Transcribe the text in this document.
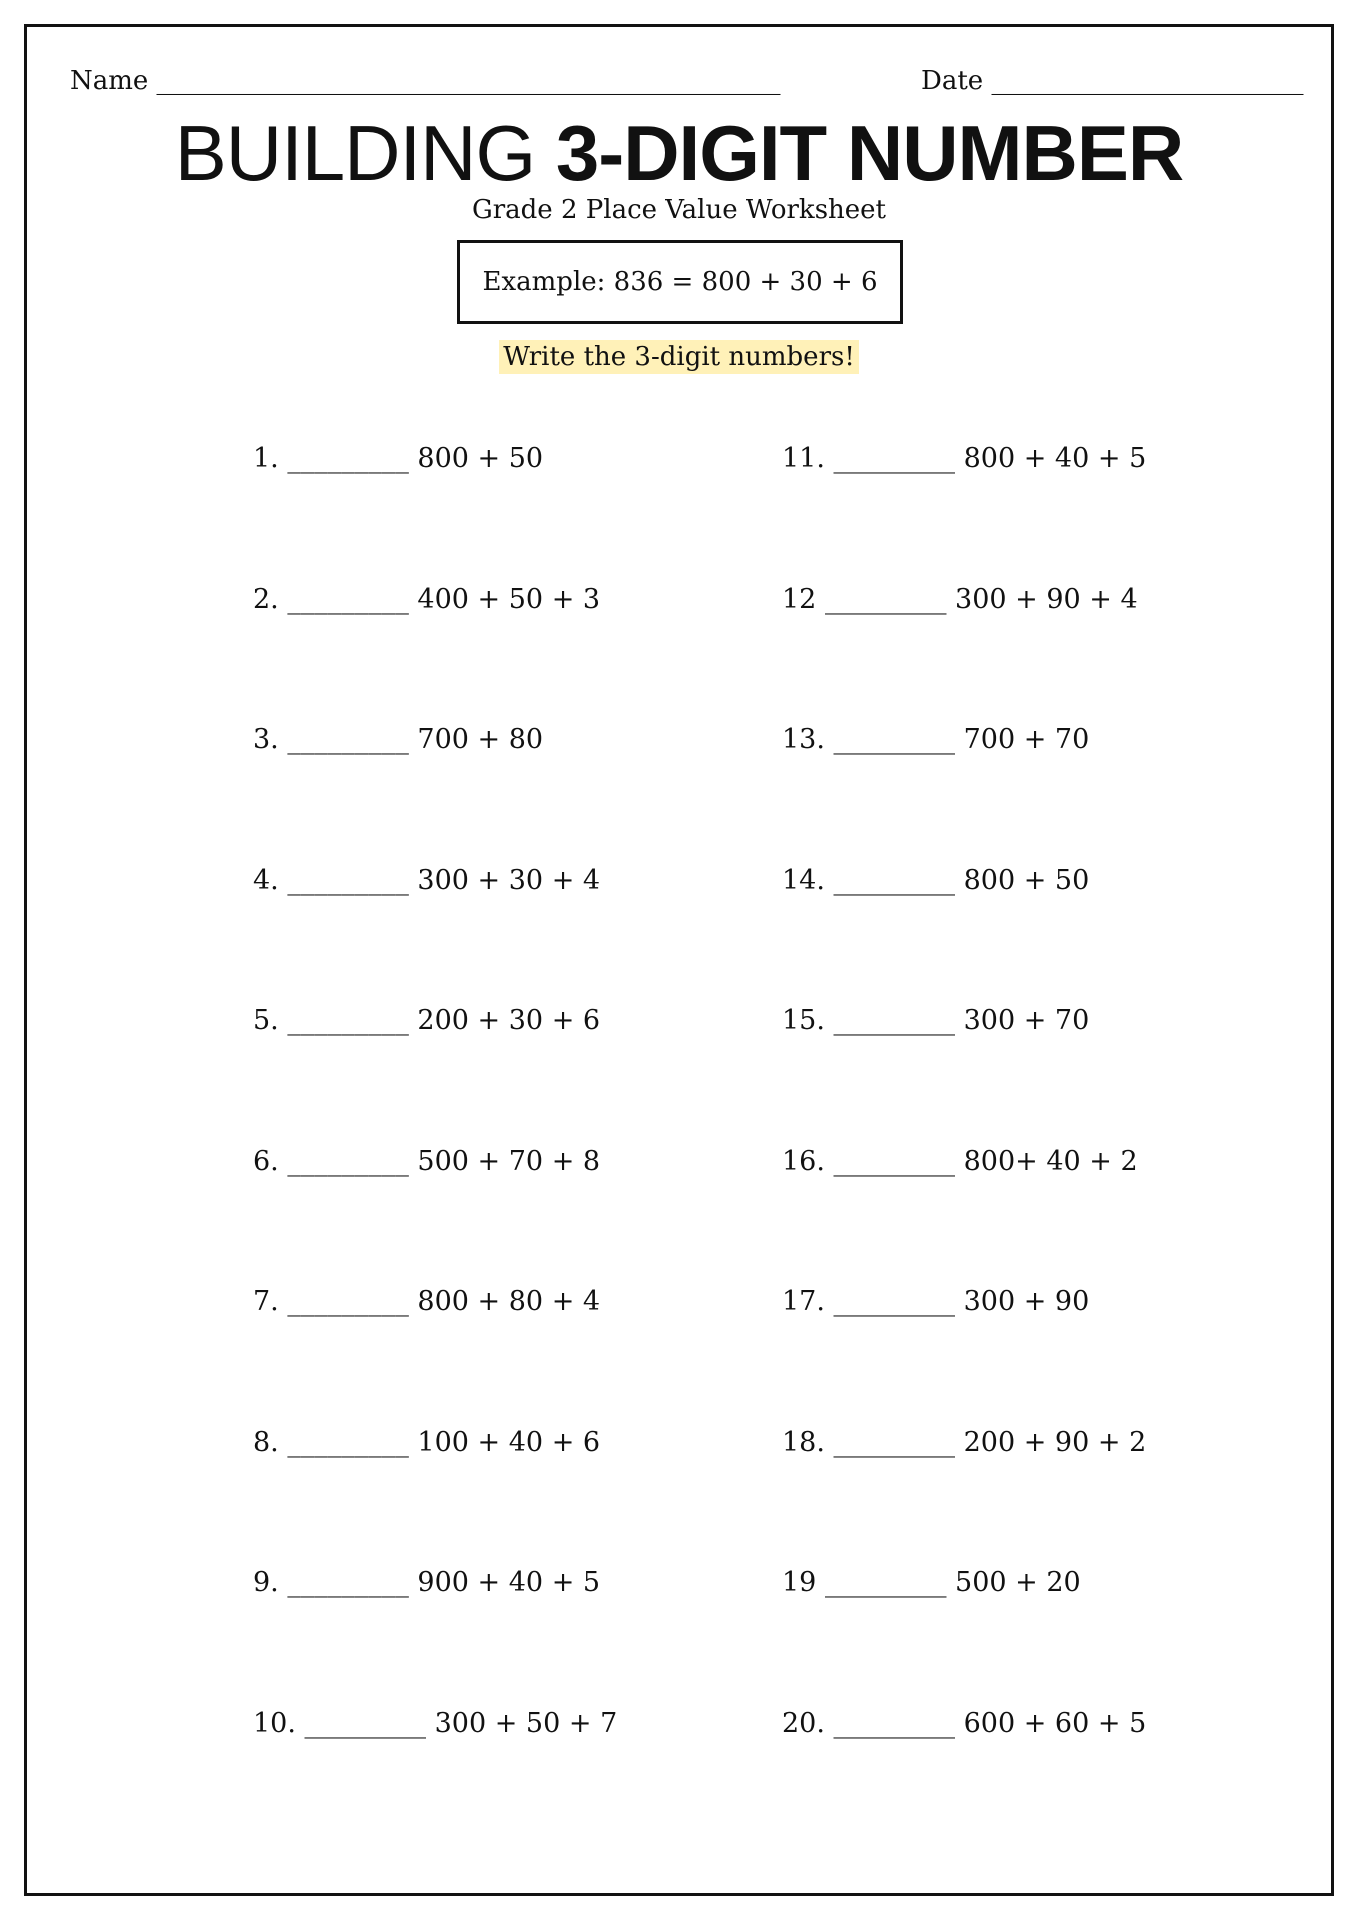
Name ________________________________________________	Date ________________________
BUILDING 3-DIGIT NUMBER
Grade 2 Place Value Worksheet
Example: 836 = 800 + 30 + 6
Write the 3-digit numbers!
1. _________ 800 + 50
2. _________ 400 + 50 + 3
3. _________ 700 + 80
4. _________ 300 + 30 + 4
5. _________ 200 + 30 + 6
6. _________ 500 + 70 + 8
7. _________ 800 + 80 + 4
8. _________ 100 + 40 + 6
9. _________ 900 + 40 + 5
10. _________ 300 + 50 + 7
11. _________ 800 + 40 + 5
12 _________ 300 + 90 + 4
13. _________ 700 + 70
14. _________ 800 + 50
15. _________ 300 + 70
16. _________ 800+ 40 + 2
17. _________ 300 + 90
18. _________ 200 + 90 + 2
19 _________ 500 + 20
20. _________ 600 + 60 + 5
